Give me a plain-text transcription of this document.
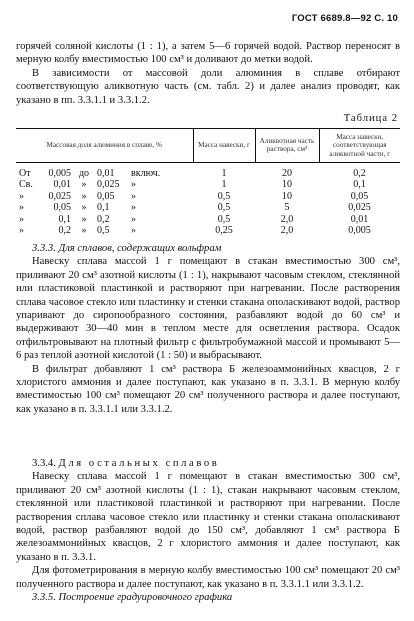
ГОСТ 6689.8—92 С. 10

горячей соляной кислоты (1 : 1), а затем 5—6 горячей водой. Раствор переносят в мерную колбу вместимостью 100 см³ и доливают до метки водой.

В зависимости от массовой доли алюминия в сплаве отбирают соответствующую аликвотную часть (см. табл. 2) и далее анализ проводят, как указано в пп. 3.3.1.1 и 3.3.1.2.

Таблица 2
Массовая доля алюминия в сплаве, %	Масса навески, г	Аликвотная часть раствора, см³	Масса навески, соответствующая аликвотной части, г

От 0,005 до 0,01 включ.	1	20	0,2

Св. 0,01 » 0,025 »	1	10	0,1

» 0,025 » 0,05 »	0,5	10	0,05

» 0,05 » 0,1 »	0,5	5	0,025

» 0,1 » 0,2 »	0,5	2,0	0,01

» 0,2 » 0,5 »	0,25	2,0	0,005

3.3.3. Для сплавов, содержащих вольфрам

Навеску сплава массой 1 г помещают в стакан вместимостью 300 см³, приливают 20 см³ азотной кислоты (1 : 1), накрывают часовым стеклом, стеклянной или пластиковой пластинкой и растворяют при нагревании. После растворения сплава часовое стекло или пластинку и стенки стакана ополаскивают водой, раствор упаривают до сиропообразного состояния, разбавляют водой до 60 см³ и выдерживают 30—40 мин в теплом месте для осветления раствора. Осадок отфильтровывают на плотный фильтр с фильтробумажной массой и промывают 5—6 раз теплой азотной кислотой (1 : 50) и выбрасывают.

В фильтрат добавляют 1 см³ раствора Б железоаммонийных квасцов, 2 г хлористого аммония и далее поступают, как указано в п. 3.3.1. В мерную колбу вместимостью 100 см³ помещают 20 см³ полученного раствора и далее поступают, как указано в п. 3.3.1.1 или 3.3.1.2.

3.3.4. Для остальных сплавов

Навеску сплава массой 1 г помещают в стакан вместимостью 300 см³, приливают 20 см³ азотной кислоты (1 : 1), стакан накрывают часовым стеклом, стеклянной или пластиковой пластинкой и растворяют при нагревании. После растворения сплава часовое стекло или пластинку и стенки стакана ополаскивают водой, раствор разбавляют водой до 150 см³, добавляют 1 см³ раствора Б железоаммонийных квасцов, 2 г хлористого аммония и далее поступают, как указано в п. 3.3.1.

Для фотометрирования в мерную колбу вместимостью 100 см³ помещают 20 см³ полученного раствора и далее поступают, как указано в п. 3.3.1.1 или 3.3.1.2.

3.3.5. Построение градуировочного графика
